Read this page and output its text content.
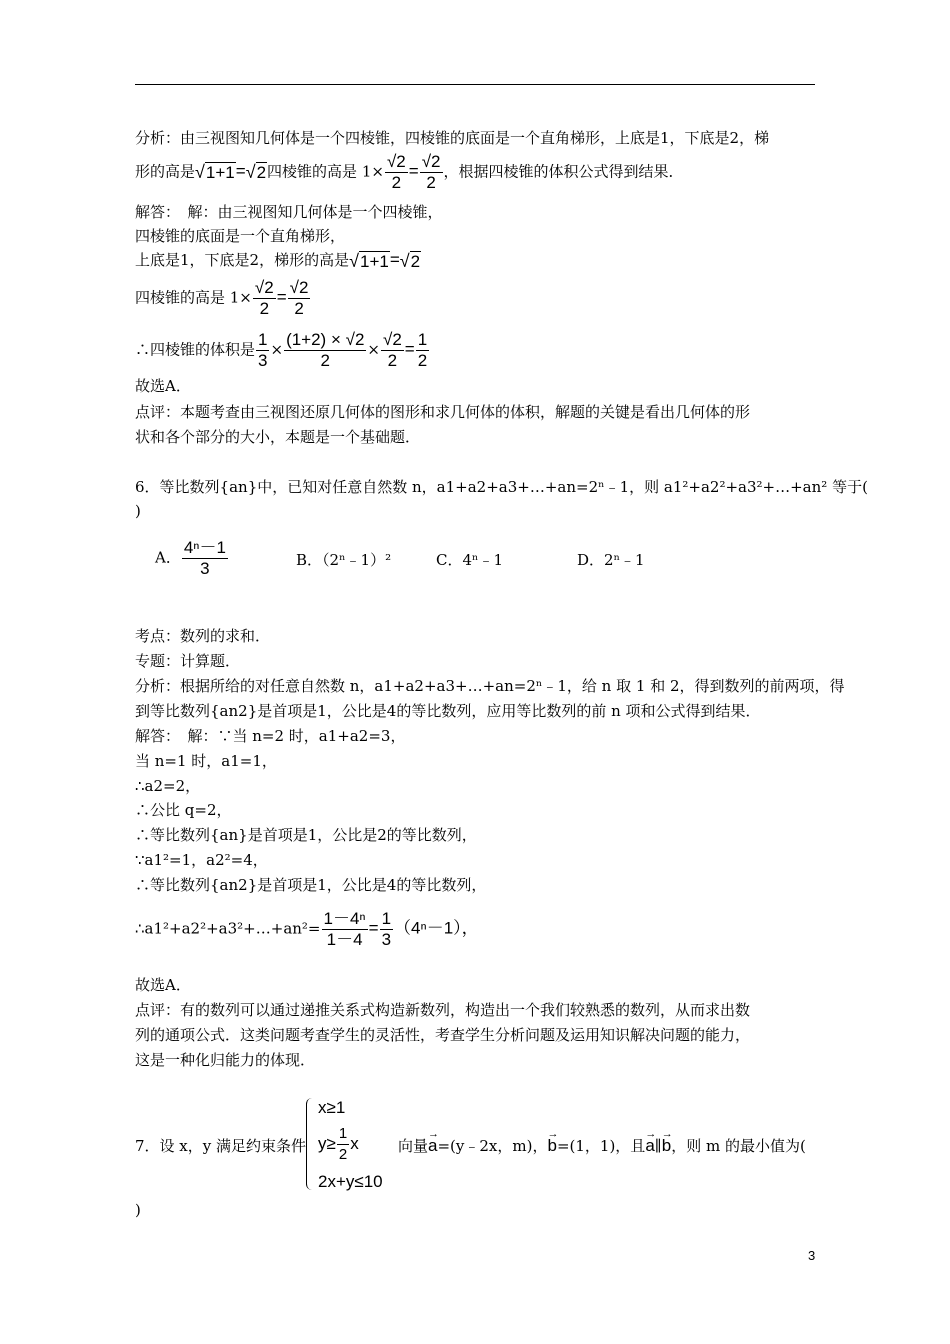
分析：由三视图知几何体是一个四棱锥，四棱锥的底面是一个直角梯形，上底是1，下底是2，梯
形的高是√1+1=√2四棱锥的高是 $1\times \frac{√2}{2} = \frac{√2}{2}$ ，根据四棱锥的体积公式得到结果．
解答：　解：由三视图知几何体是一个四棱锥，
四棱锥的底面是一个直角梯形，
上底是1，下底是2，梯形的高是√1+1=√2
四棱锥的高是 $1\times \frac{√2}{2} = \frac{√2}{2}$
∴四棱锥的体积是 $\frac{1}{3} \times \frac{(1+2) \times √2}{2} \times \frac{√2}{2} = \frac{1}{2}$
故选A．
点评：本题考查由三视图还原几何体的图形和求几何体的体积，解题的关键是看出几何体的形
状和各个部分的大小，本题是一个基础题．
6．等比数列{an}中，已知对任意自然数 n，a1+a2+a3+…+an=2ⁿ﹣1，则 a1²+a2²+a3²+…+an² 等于(
)
A． $\frac{\text{4ⁿ－1}}{3}$	B．（2ⁿ﹣1）²	C．4ⁿ﹣1	D．2ⁿ﹣1
考点：数列的求和．
专题：计算题．
分析：根据所给的对任意自然数 n，a1+a2+a3+…+an=2ⁿ﹣1，给 n 取 1 和 2，得到数列的前两项，得
到等比数列{an2}是首项是1，公比是4的等比数列，应用等比数列的前 n 项和公式得到结果．
解答：　解：∵当 n=2 时，a1+a2=3，
当 n=1 时，a1=1，
∴a2=2，
∴公比 q=2，
∴等比数列{an}是首项是1，公比是2的等比数列，
∵a1²=1，a2²=4，
∴等比数列{an2}是首项是1，公比是4的等比数列，
∴a1²+a2²+a3²+…+an²= $\frac{\text{1－4ⁿ}}{1-4} = \frac{1}{3} (4^n-1)$，
故选A．
点评：有的数列可以通过递推关系式构造新数列，构造出一个我们较熟悉的数列，从而求出数
列的通项公式．这类问题考查学生的灵活性，考查学生分析问题及运用知识解决问题的能力，
这是一种化归能力的体现．
7．设 x，y 满足约束条件
x≥1
$y\ge \frac{1}{2}$ x
2x+y≤10
向量→ a=(y﹣2x，m)，→ b=(1，1)，且→ a∥→ b，则 m 的最小值为(
)
3
